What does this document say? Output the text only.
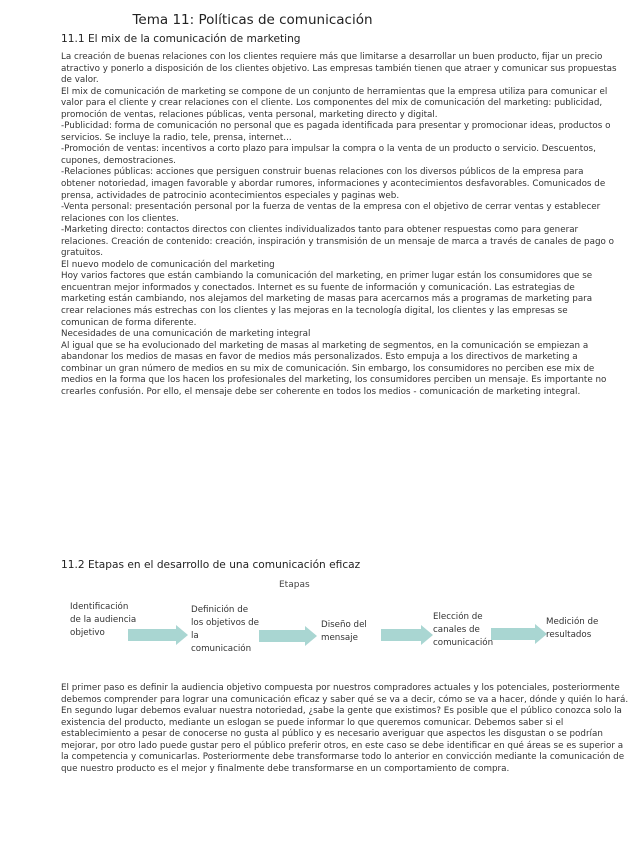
Tema 11: Políticas de comunicación
11.1 El mix de la comunicación de marketing

La creación de buenas relaciones con los clientes requiere más que limitarse a desarrollar un buen producto, fijar un precio atractivo y ponerlo a disposición de los clientes objetivo. Las empresas también tienen que atraer y comunicar sus propuestas de valor.

El mix de comunicación de marketing se compone de un conjunto de herramientas que la empresa utiliza para comunicar el valor para el cliente y crear relaciones con el cliente. Los componentes del mix de comunicación del marketing: publicidad, promoción de ventas, relaciones públicas, venta personal, marketing directo y digital.

-Publicidad: forma de comunicación no personal que es pagada identificada para presentar y promocionar ideas, productos o servicios. Se incluye la radio, tele, prensa, internet...

-Promoción de ventas: incentivos a corto plazo para impulsar la compra o la venta de un producto o servicio. Descuentos, cupones, demostraciones.

-Relaciones públicas: acciones que persiguen construir buenas relaciones con los diversos públicos de la empresa para obtener notoriedad, imagen favorable y abordar rumores, informaciones y acontecimientos desfavorables. Comunicados de prensa, actividades de patrocinio acontecimientos especiales y paginas web.

-Venta personal: presentación personal por la fuerza de ventas de la empresa con el objetivo de cerrar ventas y establecer relaciones con los clientes.

-Marketing directo: contactos directos con clientes individualizados tanto para obtener respuestas como para generar relaciones. Creación de contenido: creación, inspiración y transmisión de un mensaje de marca a través de canales de pago o gratuitos.

El nuevo modelo de comunicación del marketing

Hoy varios factores que están cambiando la comunicación del marketing, en primer lugar están los consumidores que se encuentran mejor informados y conectados. Internet es su fuente de información y comunicación. Las estrategias de marketing están cambiando, nos alejamos del marketing de masas para acercarnos más a programas de marketing para crear relaciones más estrechas con los clientes y las mejoras en la tecnología digital, los clientes y las empresas se comunican de forma diferente.

Necesidades de una comunicación de marketing integral

Al igual que se ha evolucionado del marketing de masas al marketing de segmentos, en la comunicación se empiezan a abandonar los medios de masas en favor de medios más personalizados. Esto empuja a los directivos de marketing a combinar un gran número de medios en su mix de comunicación. Sin embargo, los consumidores no perciben ese mix de medios en la forma que los hacen los profesionales del marketing, los consumidores perciben un mensaje. Es importante no crearles confusión. Por ello, el mensaje debe ser coherente en todos los medios - comunicación de marketing integral.

11.2 Etapas en el desarrollo de una comunicación eficaz
Etapas
Identificación de la audiencia objetivo
Definición de los objetivos de la comunicación
Diseño del mensaje
Elección de canales de comunicación
Medición de resultados

El primer paso es definir la audiencia objetivo compuesta por nuestros compradores actuales y los potenciales, posteriormente debemos comprender para lograr una comunicación eficaz y saber qué se va a decir, cómo se va a hacer, dónde y quién lo hará. En segundo lugar debemos evaluar nuestra notoriedad, ¿sabe la gente que existimos? Es posible que el público conozca solo la existencia del producto, mediante un eslogan se puede informar lo que queremos comunicar. Debemos saber si el establecimiento a pesar de conocerse no gusta al público y es necesario averiguar que aspectos les disgustan o se podrían mejorar, por otro lado puede gustar pero el público preferir otros, en este caso se debe identificar en qué áreas se es superior a la competencia y comunicarlas. Posteriormente debe transformarse todo lo anterior en convicción mediante la comunicación de que nuestro producto es el mejor y finalmente debe transformarse en un comportamiento de compra.
